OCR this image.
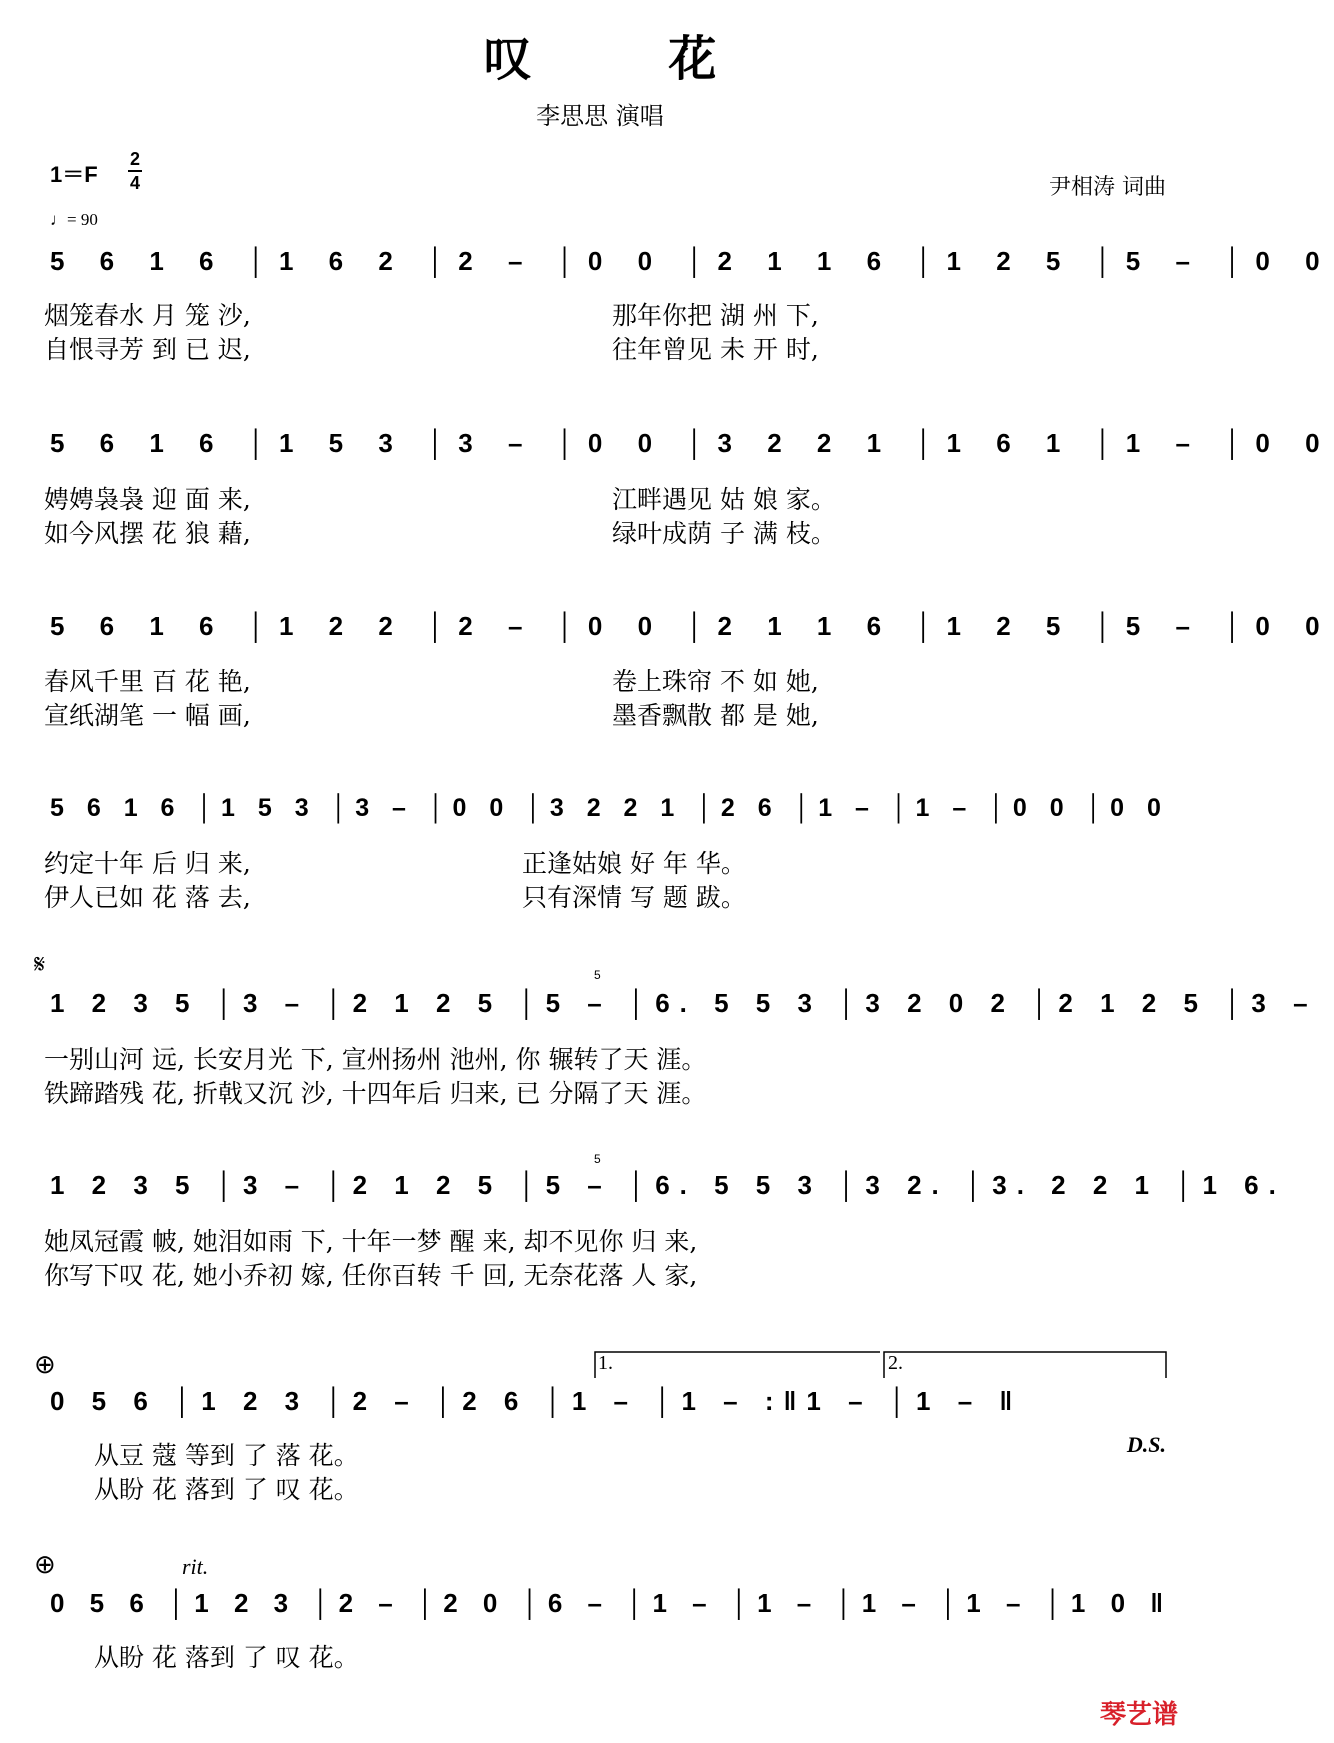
叹 花
李思思 演唱
1＝F
2
4
♩= 90
尹相涛 词曲
5 6 1 6 │1 6 2 │2 – │0 0 │2 1 1 6 │1 2 5 │5 – │0 0
烟笼春水 月 笼 沙,	那年你把 湖 州 下,
自恨寻芳 到 已 迟,	往年曾见 未 开 时,
5 6 1 6 │1 5 3 │3 – │0 0 │3 2 2 1 │1 6 1 │1 – │0 0
娉娉袅袅 迎 面 来,	江畔遇见 姑 娘 家。
如今风摆 花 狼 藉,	绿叶成荫 子 满 枝。
5 6 1 6 │1 2 2 │2 – │0 0 │2 1 1 6 │1 2 5 │5 – │0 0
春风千里 百 花 艳,	卷上珠帘 不 如 她,
宣纸湖笔 一 幅 画,	墨香飘散 都 是 她,
5 6 1 6 │1 5 3 │3 – │0 0 │3 2 2 1 │2 6 │1 – │1 – │0 0 │0 0
约定十年 后 归 来,	正逢姑娘 好 年 华。
伊人已如 花 落 去,	只有深情 写 题 跋。
𝄋
1 2 3 5 │3 – │2 1 2 5 │5 – │6. 5 5 3 │3 2 0 2 │2 1 2 5 │3 –
5
一别山河 远, 长安月光 下, 宣州扬州 池州, 你 辗转了天 涯。
铁蹄踏残 花, 折戟又沉 沙, 十四年后 归来, 已 分隔了天 涯。
1 2 3 5 │3 – │2 1 2 5 │5 – │6. 5 5 3 │3 2. │3. 2 2 1 │1 6.
5
她凤冠霞 帔, 她泪如雨 下, 十年一梦 醒 来, 却不见你 归 来,
你写下叹 花, 她小乔初 嫁, 任你百转 千 回, 无奈花落 人 家,
⊕	1.	2.
0 5 6 │1 2 3 │2 – │2 6 │1 – │1 – :‖1 – │1 – ‖
从豆 蔻 等到 了 落 花。
从盼 花 落到 了 叹 花。
D.S.
⊕	rit.
0 5 6 │1 2 3 │2 – │2 0 │6 – │1 – │1 – │1 – │1 – │1 0 ‖
从盼 花 落到 了 叹 花。
琴艺谱
